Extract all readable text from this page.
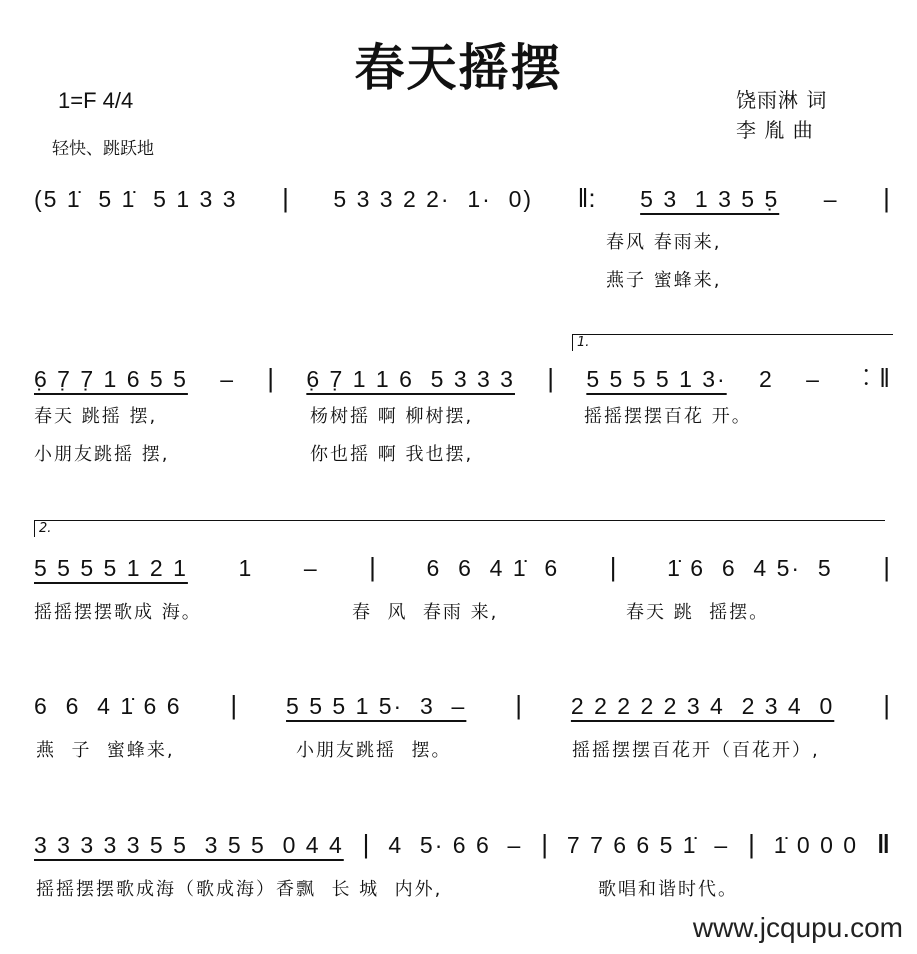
春天摇摆
1=F 4/4
轻快、跳跃地
饶雨淋 词
李 胤 曲
(5 1̇  5 1̇  5 1 3 3 | 5 3 3 2 2·  1·  0) ‖: 5 3  1 3 5 5̣ – |
春风 春雨来,
燕子 蜜蜂来,
1.
6̣ 7̣ 7̣ 1 6 5 5 – | 6̣ 7̣ 1 1 6  5 3 3 3 | 5 5 5 5 1 3· 2 – ︰‖
春天 跳摇 摆,	杨树摇 啊 柳树摆,	摇摇摆摆百花 开。
小朋友跳摇 摆,	你也摇 啊 我也摆,
2.
5 5 5 5 1 2 1 1 – | 6  6  4 1̇  6 | 1̇ 6  6  4 5·  5 |
摇摇摆摆歌成 海。	春  风  春雨 来,	春天 跳  摇摆。
6  6  4 1̇ 6 6 | 5 5 5 1 5·  3  – | 2 2 2 2 2 3 4  2 3 4  0 |
燕  子  蜜蜂来,	小朋友跳摇  摆。	摇摇摆摆百花开（百花开）,
3 3 3 3 3 5 5  3 5 5  0 4 4 | 4  5· 6 6  – | 7 7 6 6 5 1̇  – | 1̇ 0 0 0 ‖
摇摇摆摆歌成海（歌成海）香飘  长 城  内外,	歌唱和谐时代。
www.jcqupu.com
